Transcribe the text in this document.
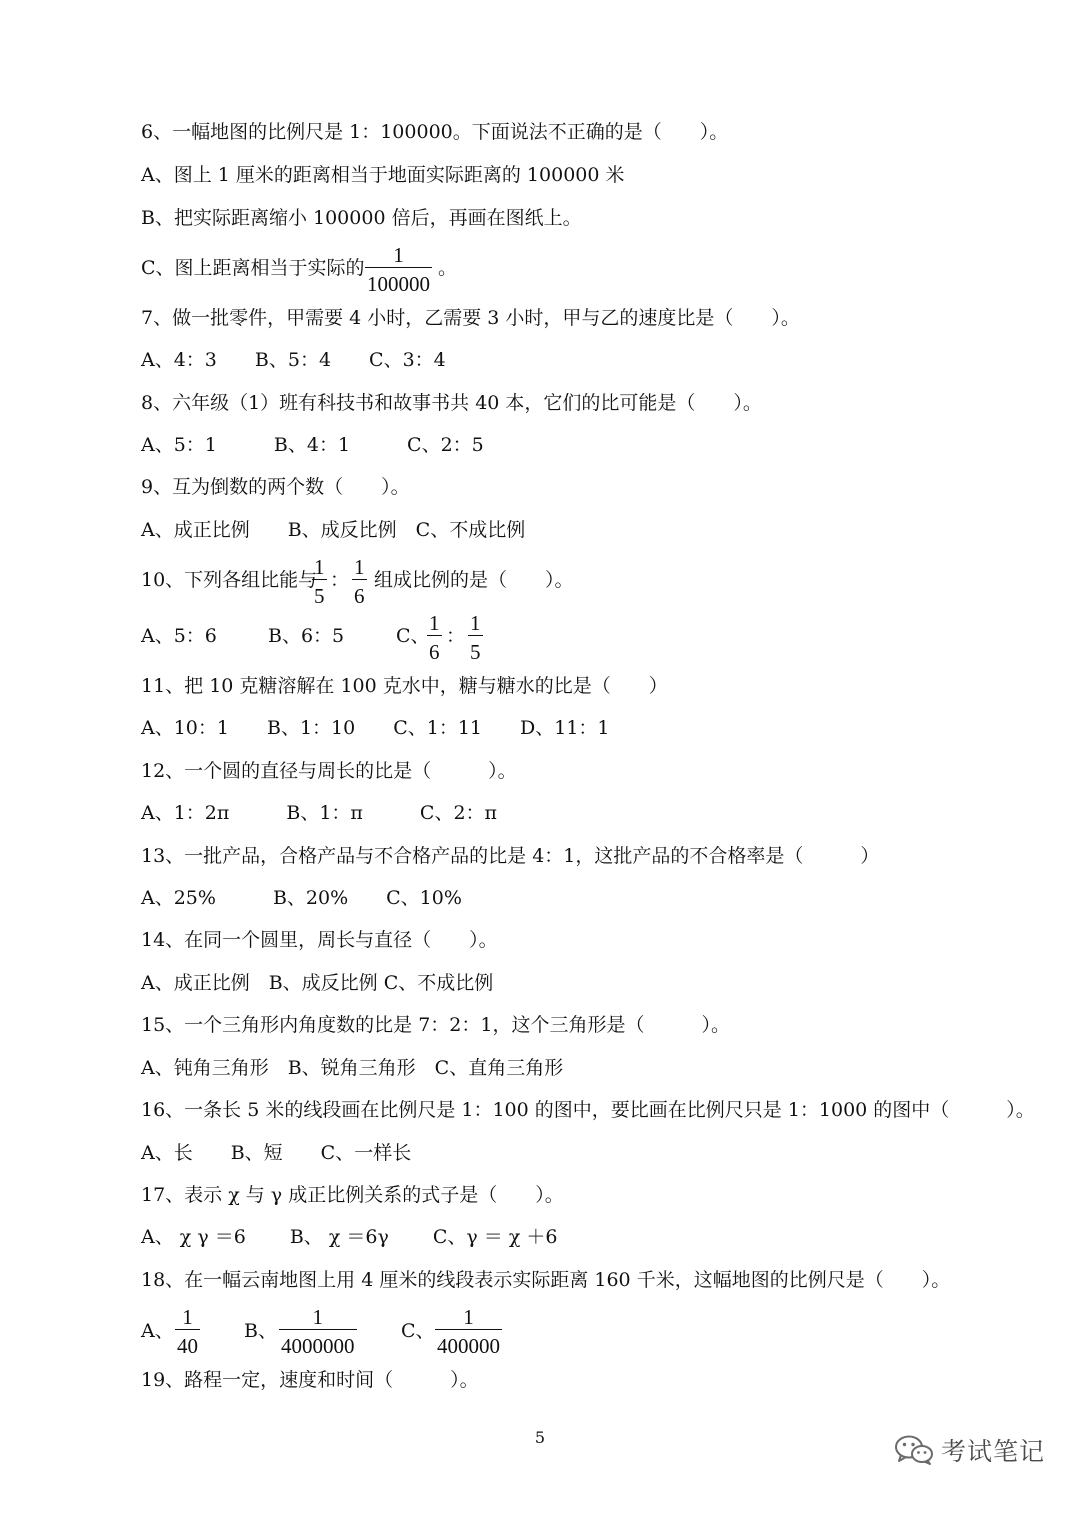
6、一幅地图的比例尺是 1：100000。下面说法不正确的是（　　）。
A、图上 1 厘米的距离相当于地面实际距离的 100000 米
B、把实际距离缩小 100000 倍后，再画在图纸上。
C、图上距离相当于实际的
1
100000
。
7、做一批零件，甲需要 4 小时，乙需要 3 小时，甲与乙的速度比是（　　）。
A、4：3　　B、5：4　　C、3：4
8、六年级（1）班有科技书和故事书共 40 本，它们的比可能是（　　）。
A、5：1　　　B、4：1　　　C、2：5
9、互为倒数的两个数（　　）。
A、成正比例　　B、成反比例　C、不成比例
10、下列各组比能与
1
5
：
1
6
组成比例的是（　　）。
A、5：6	B、6：5	C、
1
6
：
1
5
11、把 10 克糖溶解在 100 克水中，糖与糖水的比是（　　）
A、10：1　　B、1：10　　C、1：11　　D、11：1
12、一个圆的直径与周长的比是（　　　）。
A、1：2π　　　B、1：π　　　C、2：π
13、一批产品，合格产品与不合格产品的比是 4：1，这批产品的不合格率是（　　　）
A、25%　　　B、20%　　C、10%
14、在同一个圆里，周长与直径（　　）。
A、成正比例　B、成反比例 C、不成比例
15、一个三角形内角度数的比是 7：2：1，这个三角形是（　　　）。
A、钝角三角形　B、锐角三角形　C、直角三角形
16、一条长 5 米的线段画在比例尺是 1：100 的图中，要比画在比例尺只是 1：1000 的图中（　　　）。
A、长　　B、短　　C、一样长
17、表示 χ 与 γ 成正比例关系的式子是（　　）。
A、 χ γ ＝6　　 B、 χ ＝6γ　　 C、γ ＝ χ ＋6
18、在一幅云南地图上用 4 厘米的线段表示实际距离 160 千米，这幅地图的比例尺是（　　）。
A、
1
40
B、
1
4000000
C、
1
400000
19、路程一定，速度和时间（　　　）。
5	考试笔记
